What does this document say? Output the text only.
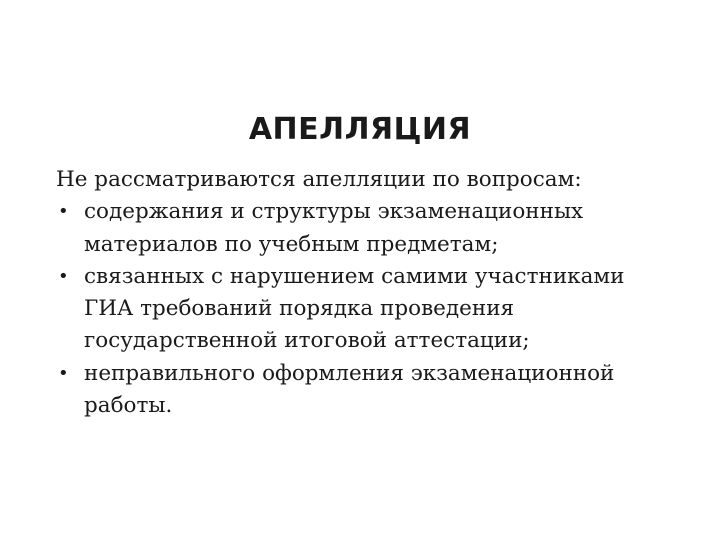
АПЕЛЛЯЦИЯ

Не рассматриваются апелляции по вопросам:

• содержания и структуры экзаменационных материалов по учебным предметам;
• связанных с нарушением самими участниками ГИА требований порядка проведения государственной итоговой аттестации;
• неправильного оформления экзаменационной работы.
